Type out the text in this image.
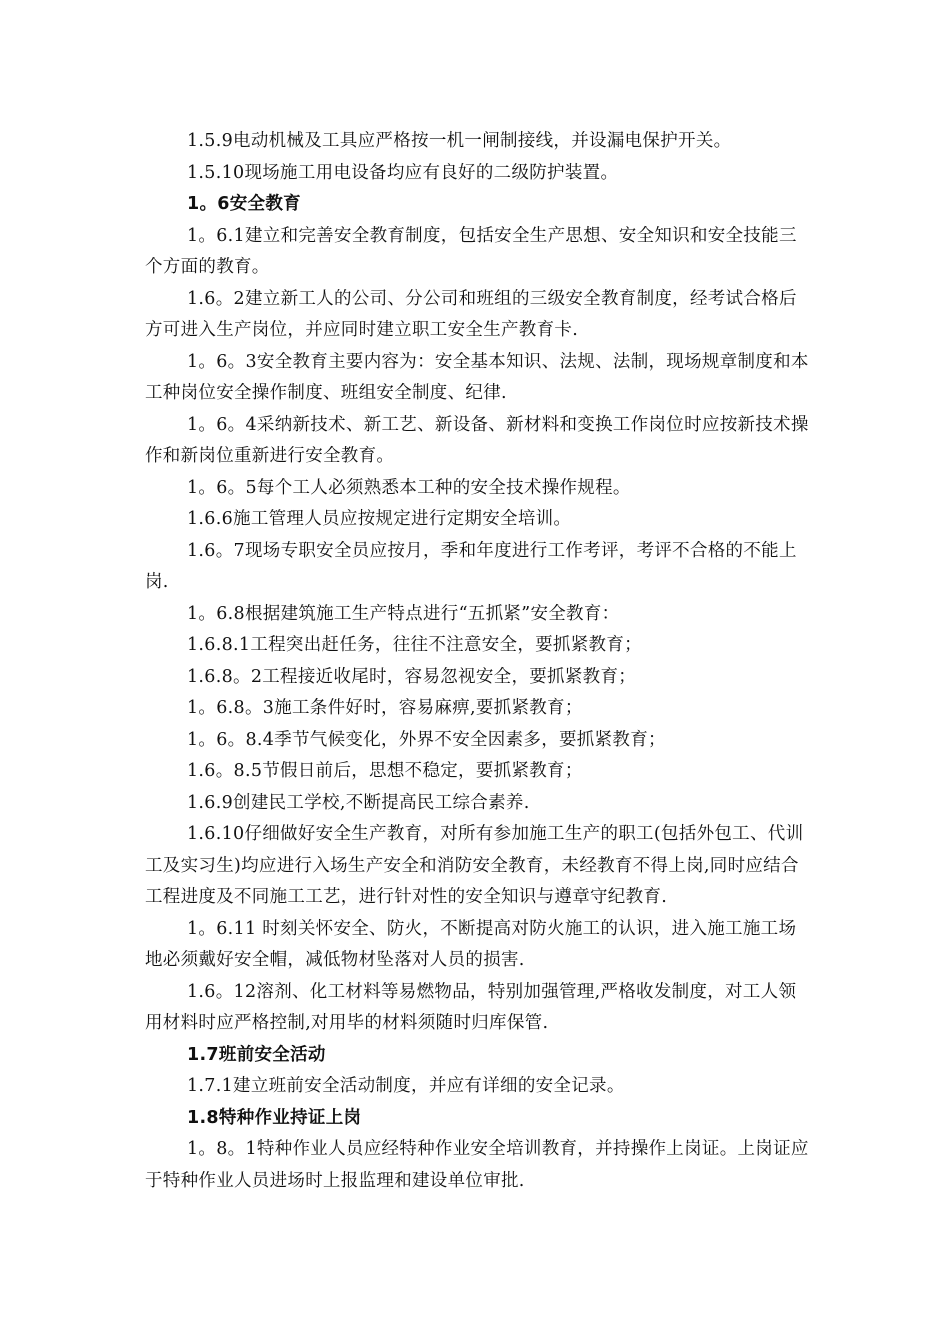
1.5.9电动机械及工具应严格按一机一闸制接线，并设漏电保护开关。

1.5.10现场施工用电设备均应有良好的二级防护装置。

1。6安全教育

1。6.1建立和完善安全教育制度，包括安全生产思想、安全知识和安全技能三个方面的教育。

1.6。2建立新工人的公司、分公司和班组的三级安全教育制度，经考试合格后方可进入生产岗位，并应同时建立职工安全生产教育卡.

1。6。3安全教育主要内容为：安全基本知识、法规、法制，现场规章制度和本工种岗位安全操作制度、班组安全制度、纪律.

1。6。4采纳新技术、新工艺、新设备、新材料和变换工作岗位时应按新技术操作和新岗位重新进行安全教育。

1。6。5每个工人必须熟悉本工种的安全技术操作规程。

1.6.6施工管理人员应按规定进行定期安全培训。

1.6。7现场专职安全员应按月，季和年度进行工作考评，考评不合格的不能上岗.

1。6.8根据建筑施工生产特点进行“五抓紧”安全教育：

1.6.8.1工程突出赶任务，往往不注意安全，要抓紧教育；

1.6.8。2工程接近收尾时，容易忽视安全，要抓紧教育；

1。6.8。3施工条件好时，容易麻痹,要抓紧教育；

1。6。8.4季节气候变化，外界不安全因素多，要抓紧教育；

1.6。8.5节假日前后，思想不稳定，要抓紧教育；

1.6.9创建民工学校,不断提高民工综合素养.

1.6.10仔细做好安全生产教育，对所有参加施工生产的职工(包括外包工、代训工及实习生)均应进行入场生产安全和消防安全教育，未经教育不得上岗,同时应结合工程进度及不同施工工艺，进行针对性的安全知识与遵章守纪教育.

1。6.11 时刻关怀安全、防火，不断提高对防火施工的认识，进入施工施工场地必须戴好安全帽，减低物材坠落对人员的损害.

1.6。12溶剂、化工材料等易燃物品，特别加强管理,严格收发制度，对工人领用材料时应严格控制,对用毕的材料须随时归库保管.

1.7班前安全活动

1.7.1建立班前安全活动制度，并应有详细的安全记录。

1.8特种作业持证上岗

1。8。1特种作业人员应经特种作业安全培训教育，并持操作上岗证。上岗证应于特种作业人员进场时上报监理和建设单位审批.
